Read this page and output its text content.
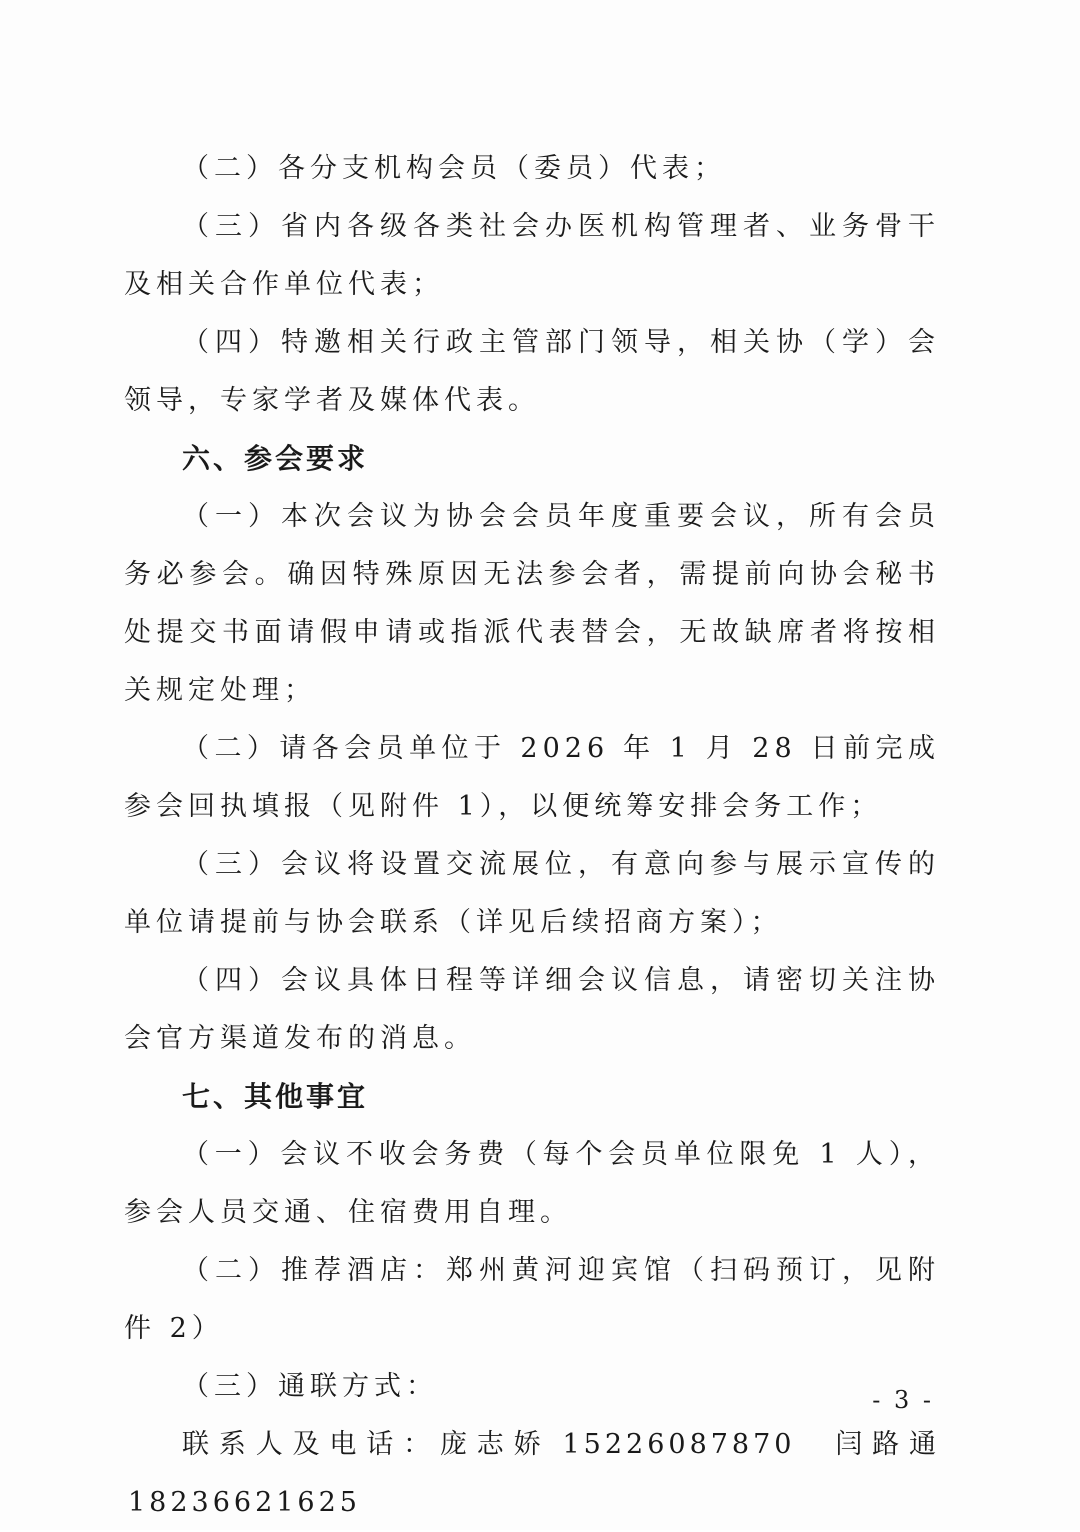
（二）各分支机构会员（委员）代表；

（三）省内各级各类社会办医机构管理者、业务骨干及相关合作单位代表；

（四）特邀相关行政主管部门领导，相关协（学）会领导，专家学者及媒体代表。

六、参会要求

（一）本次会议为协会会员年度重要会议，所有会员务必参会。确因特殊原因无法参会者，需提前向协会秘书处提交书面请假申请或指派代表替会，无故缺席者将按相关规定处理；

（二）请各会员单位于 2026 年 1 月 28 日前完成参会回执填报（见附件 1），以便统筹安排会务工作；

（三）会议将设置交流展位，有意向参与展示宣传的单位请提前与协会联系（详见后续招商方案）；

（四）会议具体日程等详细会议信息，请密切关注协会官方渠道发布的消息。

七、其他事宜

（一）会议不收会务费（每个会员单位限免 1 人），参会人员交通、住宿费用自理。

（二）推荐酒店：郑州黄河迎宾馆（扫码预订，见附件 2）

（三）通联方式：

联系人及电话：庞志娇 15226087870 闫路通18236621625

- 3 -
